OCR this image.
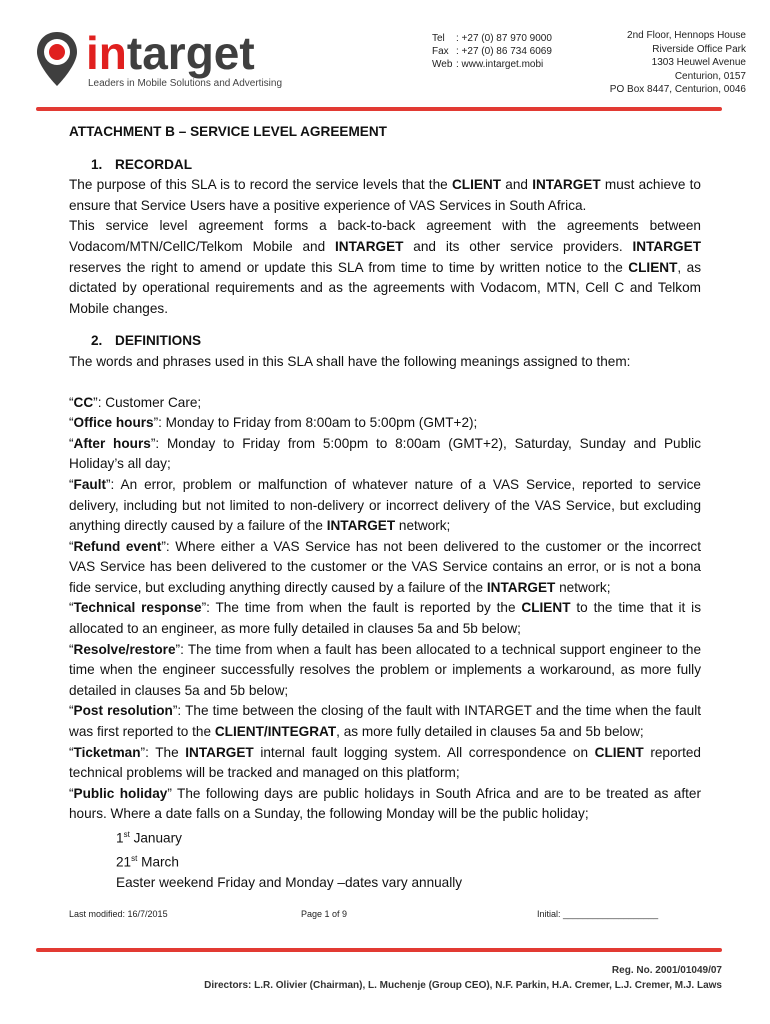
intarget
Leaders in Mobile Solutions and Advertising
Tel	: +27 (0) 87 970 9000
Fax : +27 (0) 86 734 6069
Web : www.intarget.mobi
2nd Floor, Hennops House
Riverside Office Park
1303 Heuwel Avenue
Centurion, 0157
PO Box 8447, Centurion, 0046

ATTACHMENT B – SERVICE LEVEL AGREEMENT

1. RECORDAL

The purpose of this SLA is to record the service levels that the CLIENT and INTARGET must achieve to ensure that Service Users have a positive experience of VAS Services in South Africa.

This service level agreement forms a back-to-back agreement with the agreements between Vodacom/MTN/CellC/Telkom Mobile and INTARGET and its other service providers. INTARGET reserves the right to amend or update this SLA from time to time by written notice to the CLIENT, as dictated by operational requirements and as the agreements with Vodacom, MTN, Cell C and Telkom Mobile changes.

2. DEFINITIONS

The words and phrases used in this SLA shall have the following meanings assigned to them:

“CC”: Customer Care;

“Office hours”: Monday to Friday from 8:00am to 5:00pm (GMT+2);

“After hours”: Monday to Friday from 5:00pm to 8:00am (GMT+2), Saturday, Sunday and Public Holiday’s all day;

“Fault”: An error, problem or malfunction of whatever nature of a VAS Service, reported to service delivery, including but not limited to non-delivery or incorrect delivery of the VAS Service, but excluding anything directly caused by a failure of the INTARGET network;

“Refund event”: Where either a VAS Service has not been delivered to the customer or the incorrect VAS Service has been delivered to the customer or the VAS Service contains an error, or is not a bona fide service, but excluding anything directly caused by a failure of the INTARGET network;

“Technical response”: The time from when the fault is reported by the CLIENT to the time that it is allocated to an engineer, as more fully detailed in clauses 5a and 5b below;

“Resolve/restore”: The time from when a fault has been allocated to a technical support engineer to the time when the engineer successfully resolves the problem or implements a workaround, as more fully detailed in clauses 5a and 5b below;

“Post resolution”: The time between the closing of the fault with INTARGET and the time when the fault was first reported to the CLIENT/INTEGRAT, as more fully detailed in clauses 5a and 5b below;

“Ticketman”: The INTARGET internal fault logging system. All correspondence on CLIENT reported technical problems will be tracked and managed on this platform;

“Public holiday” The following days are public holidays in South Africa and are to be treated as after hours. Where a date falls on a Sunday, the following Monday will be the public holiday;

1st January

21st March

Easter weekend Friday and Monday –dates vary annually

Last modified: 16/7/2015	Page 1 of 9	Initial: ___________________
Reg. No. 2001/01049/07
Directors: L.R. Olivier (Chairman), L. Muchenje (Group CEO), N.F. Parkin, H.A. Cremer, L.J. Cremer, M.J. Laws
